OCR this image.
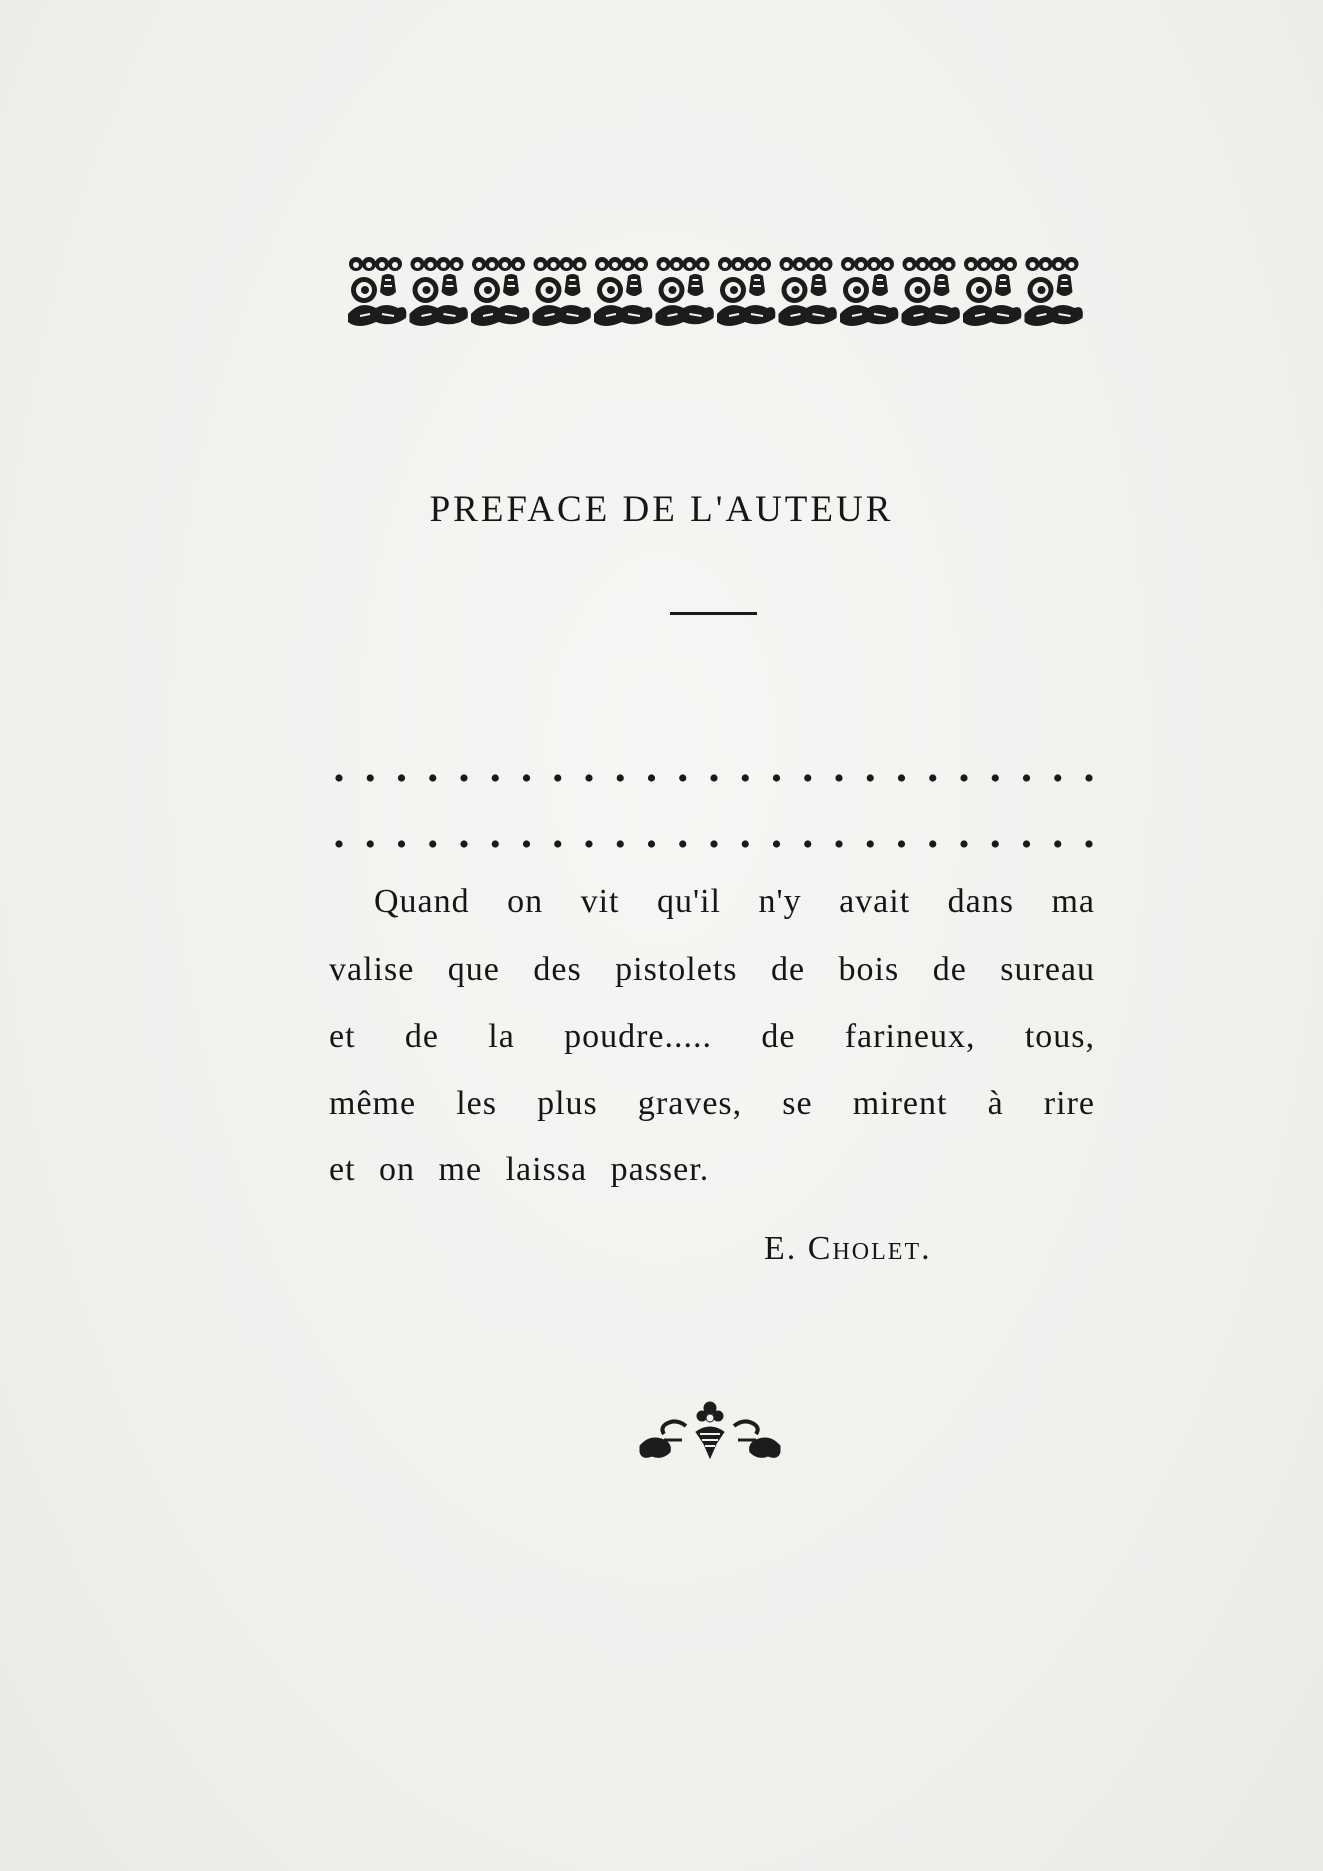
PREFACE DE L'AUTEUR
Quand on vit qu'il n'y avait dans ma
valise que des pistolets de bois de sureau
et de la poudre..... de farineux, tous,
même les plus graves, se mirent à rire
et on me laissa passer.
E. Cholet.
